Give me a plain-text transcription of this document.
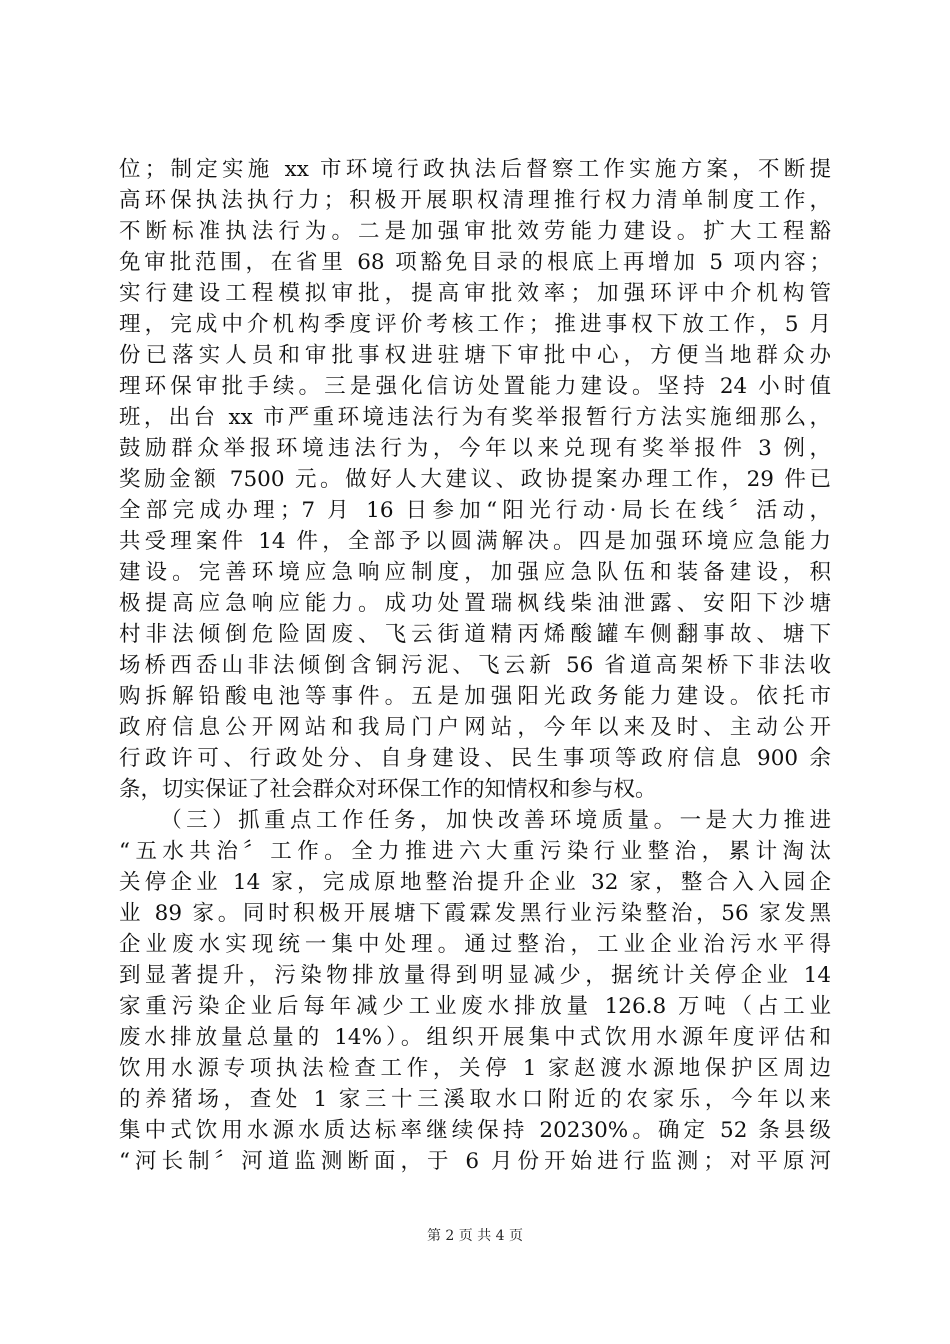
位；制定实施 xx 市环境行政执法后督察工作实施方案，不断提

高环保执法执行力；积极开展职权清理推行权力清单制度工作，

不断标准执法行为。二是加强审批效劳能力建设。扩大工程豁

免审批范围，在省里 68 项豁免目录的根底上再增加 5 项内容；

实行建设工程模拟审批，提高审批效率；加强环评中介机构管

理，完成中介机构季度评价考核工作；推进事权下放工作，5 月

份已落实人员和审批事权进驻塘下审批中心，方便当地群众办

理环保审批手续。三是强化信访处置能力建设。坚持 24 小时值

班，出台 xx 市严重环境违法行为有奖举报暂行方法实施细那么，

鼓励群众举报环境违法行为，今年以来兑现有奖举报件 3 例，

奖励金额 7500 元。做好人大建议、政协提案办理工作，29 件已

全部完成办理；7 月 16 日参加“阳光行动·局长在线〞活动，

共受理案件 14 件，全部予以圆满解决。四是加强环境应急能力

建设。完善环境应急响应制度，加强应急队伍和装备建设，积

极提高应急响应能力。成功处置瑞枫线柴油泄露、安阳下沙塘

村非法倾倒危险固废、飞云街道精丙烯酸罐车侧翻事故、塘下

场桥西岙山非法倾倒含铜污泥、飞云新 56 省道高架桥下非法收

购拆解铅酸电池等事件。五是加强阳光政务能力建设。依托市

政府信息公开网站和我局门户网站，今年以来及时、主动公开

行政许可、行政处分、自身建设、民生事项等政府信息 900 余

条，切实保证了社会群众对环保工作的知情权和参与权。

　　（三）抓重点工作任务，加快改善环境质量。一是大力推进

“五水共治〞工作。全力推进六大重污染行业整治，累计淘汰

关停企业 14 家，完成原地整治提升企业 32 家，整合入入园企

业 89 家。同时积极开展塘下霞霖发黑行业污染整治，56 家发黑

企业废水实现统一集中处理。通过整治，工业企业治污水平得

到显著提升，污染物排放量得到明显减少，据统计关停企业 14

家重污染企业后每年减少工业废水排放量 126.8 万吨（占工业

废水排放量总量的 14%）。组织开展集中式饮用水源年度评估和

饮用水源专项执法检查工作，关停 1 家赵渡水源地保护区周边

的养猪场，查处 1 家三十三溪取水口附近的农家乐，今年以来

集中式饮用水源水质达标率继续保持 20230%。确定 52 条县级

“河长制〞河道监测断面，于 6 月份开始进行监测；对平原河

第 2 页 共 4 页
